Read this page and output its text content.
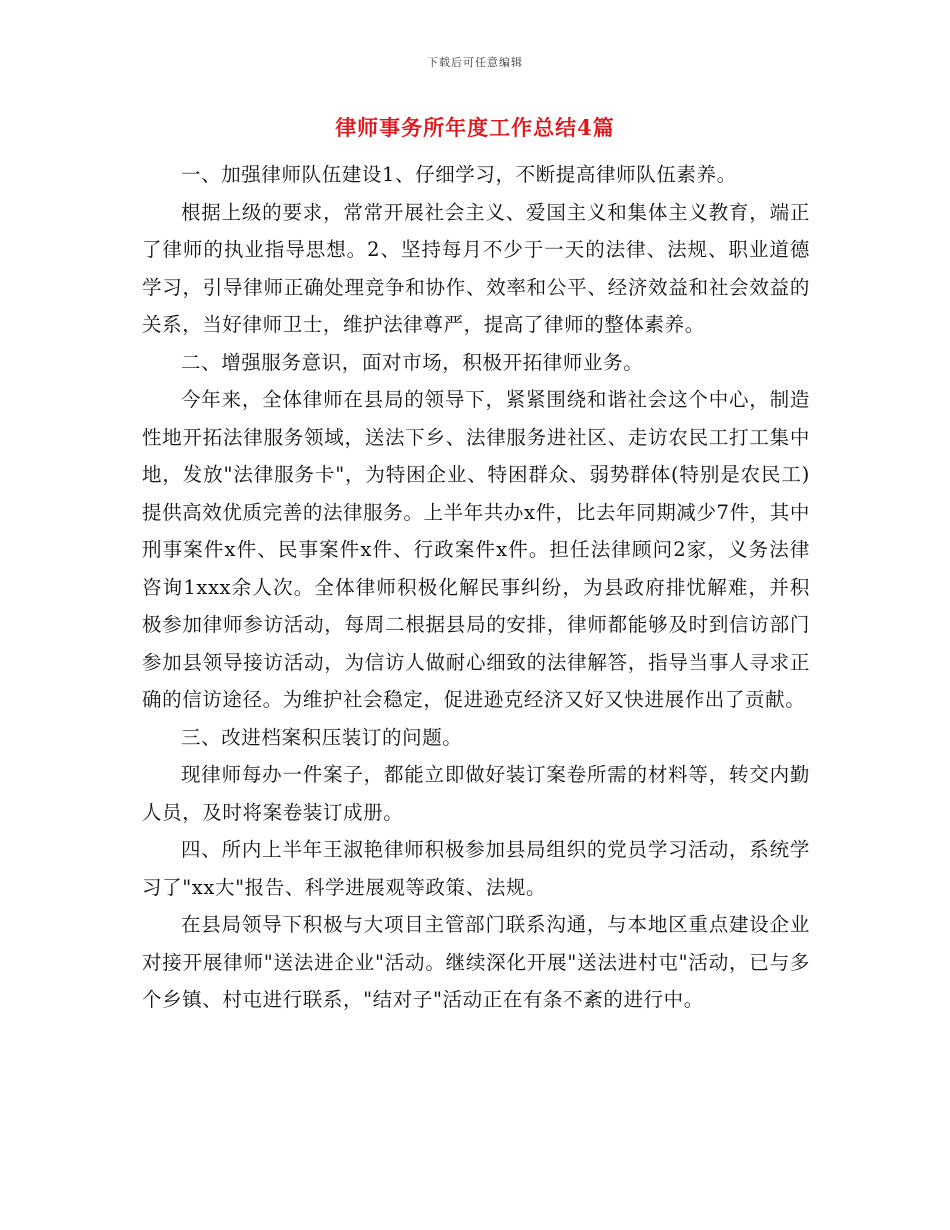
下载后可任意编辑
律师事务所年度工作总结4篇

一、加强律师队伍建设1、仔细学习，不断提高律师队伍素养。

根据上级的要求，常常开展社会主义、爱国主义和集体主义教育，端正了律师的执业指导思想。2、坚持每月不少于一天的法律、法规、职业道德学习，引导律师正确处理竞争和协作、效率和公平、经济效益和社会效益的关系，当好律师卫士，维护法律尊严，提高了律师的整体素养。

二、增强服务意识，面对市场，积极开拓律师业务。

今年来，全体律师在县局的领导下，紧紧围绕和谐社会这个中心，制造性地开拓法律服务领域，送法下乡、法律服务进社区、走访农民工打工集中地，发放"法律服务卡"，为特困企业、特困群众、弱势群体(特别是农民工)提供高效优质完善的法律服务。上半年共办x件，比去年同期减少7件，其中刑事案件x件、民事案件x件、行政案件x件。担任法律顾问2家，义务法律咨询1xxx余人次。全体律师积极化解民事纠纷，为县政府排忧解难，并积极参加律师参访活动，每周二根据县局的安排，律师都能够及时到信访部门参加县领导接访活动，为信访人做耐心细致的法律解答，指导当事人寻求正确的信访途径。为维护社会稳定，促进逊克经济又好又快进展作出了贡献。

三、改进档案积压装订的问题。

现律师每办一件案子，都能立即做好装订案卷所需的材料等，转交内勤人员，及时将案卷装订成册。

四、所内上半年王淑艳律师积极参加县局组织的党员学习活动，系统学习了"xx大"报告、科学进展观等政策、法规。

在县局领导下积极与大项目主管部门联系沟通，与本地区重点建设企业对接开展律师"送法进企业"活动。继续深化开展"送法进村屯"活动，已与多个乡镇、村屯进行联系，"结对子"活动正在有条不紊的进行中。
